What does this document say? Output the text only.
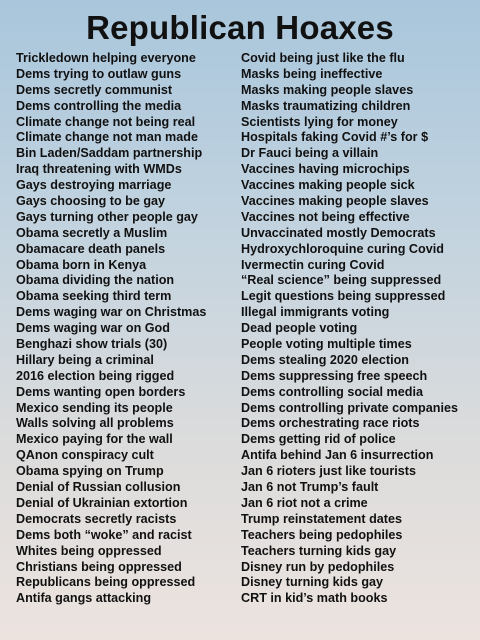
Republican Hoaxes
Trickledown helping everyone
Dems trying to outlaw guns
Dems secretly communist
Dems controlling the media
Climate change not being real
Climate change not man made
Bin Laden/Saddam partnership
Iraq threatening with WMDs
Gays destroying marriage
Gays choosing to be gay
Gays turning other people gay
Obama secretly a Muslim
Obamacare death panels
Obama born in Kenya
Obama dividing the nation
Obama seeking third term
Dems waging war on Christmas
Dems waging war on God
Benghazi show trials (30)
Hillary being a criminal
2016 election being rigged
Dems wanting open borders
Mexico sending its people
Walls solving all problems
Mexico paying for the wall
QAnon conspiracy cult
Obama spying on Trump
Denial of Russian collusion
Denial of Ukrainian extortion
Democrats secretly racists
Dems both “woke” and racist
Whites being oppressed
Christians being oppressed
Republicans being oppressed
Antifa gangs attacking
Covid being just like the flu
Masks being ineffective
Masks making people slaves
Masks traumatizing children
Scientists lying for money
Hospitals faking Covid #’s for $
Dr Fauci being a villain
Vaccines having microchips
Vaccines making people sick
Vaccines making people slaves
Vaccines not being effective
Unvaccinated mostly Democrats
Hydroxychloroquine curing Covid
Ivermectin curing Covid
“Real science” being suppressed
Legit questions being suppressed
Illegal immigrants voting
Dead people voting
People voting multiple times
Dems stealing 2020 election
Dems suppressing free speech
Dems controlling social media
Dems controlling private companies
Dems orchestrating race riots
Dems getting rid of police
Antifa behind Jan 6 insurrection
Jan 6 rioters just like tourists
Jan 6 not Trump’s fault
Jan 6 riot not a crime
Trump reinstatement dates
Teachers being pedophiles
Teachers turning kids gay
Disney run by pedophiles
Disney turning kids gay
CRT in kid’s math books
